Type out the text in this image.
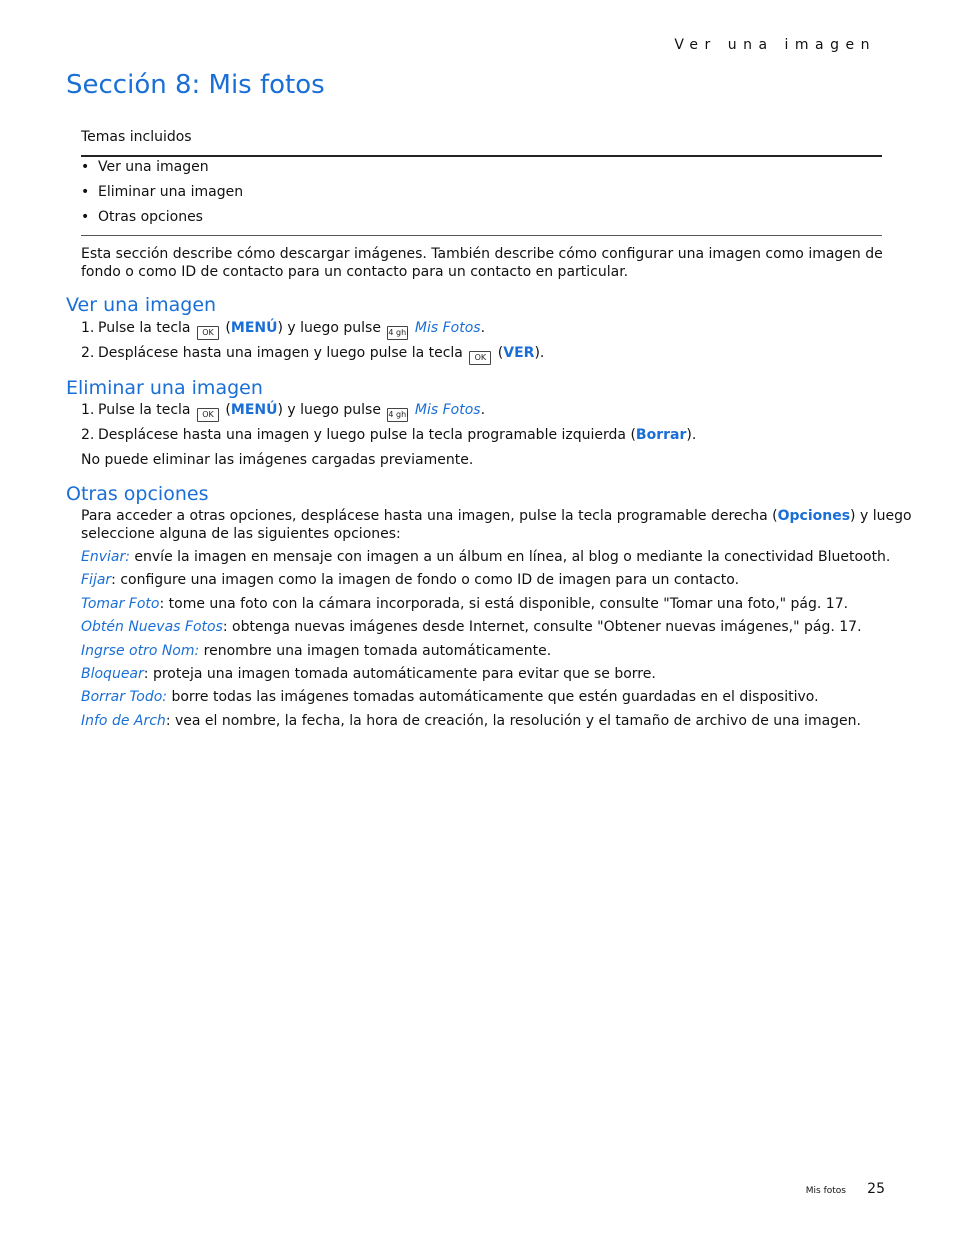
Ver una imagen
Sección 8: Mis fotos
Temas incluidos
• Ver una imagen
• Eliminar una imagen
• Otras opciones

Esta sección describe cómo descargar imágenes. También describe cómo configurar una imagen como imagen de fondo o como ID de contacto para un contacto para un contacto en particular.

Ver una imagen
1. Pulse la tecla OK (MENÚ) y luego pulse 4 ghi Mis Fotos.
2. Desplácese hasta una imagen y luego pulse la tecla OK (VER).
Eliminar una imagen
1. Pulse la tecla OK (MENÚ) y luego pulse 4 ghi Mis Fotos.
2. Desplácese hasta una imagen y luego pulse la tecla programable izquierda (Borrar).

No puede eliminar las imágenes cargadas previamente.

Otras opciones

Para acceder a otras opciones, desplácese hasta una imagen, pulse la tecla programable derecha (Opciones) y luego
seleccione alguna de las siguientes opciones:

Enviar: envíe la imagen en mensaje con imagen a un álbum en línea, al blog o mediante la conectividad Bluetooth.
Fijar: configure una imagen como la imagen de fondo o como ID de imagen para un contacto.
Tomar Foto: tome una foto con la cámara incorporada, si está disponible, consulte "Tomar una foto," pág. 17.
Obtén Nuevas Fotos: obtenga nuevas imágenes desde Internet, consulte "Obtener nuevas imágenes," pág. 17.
Ingrse otro Nom: renombre una imagen tomada automáticamente.
Bloquear: proteja una imagen tomada automáticamente para evitar que se borre.
Borrar Todo: borre todas las imágenes tomadas automáticamente que estén guardadas en el dispositivo.
Info de Arch: vea el nombre, la fecha, la hora de creación, la resolución y el tamaño de archivo de una imagen.
Mis fotos 25
